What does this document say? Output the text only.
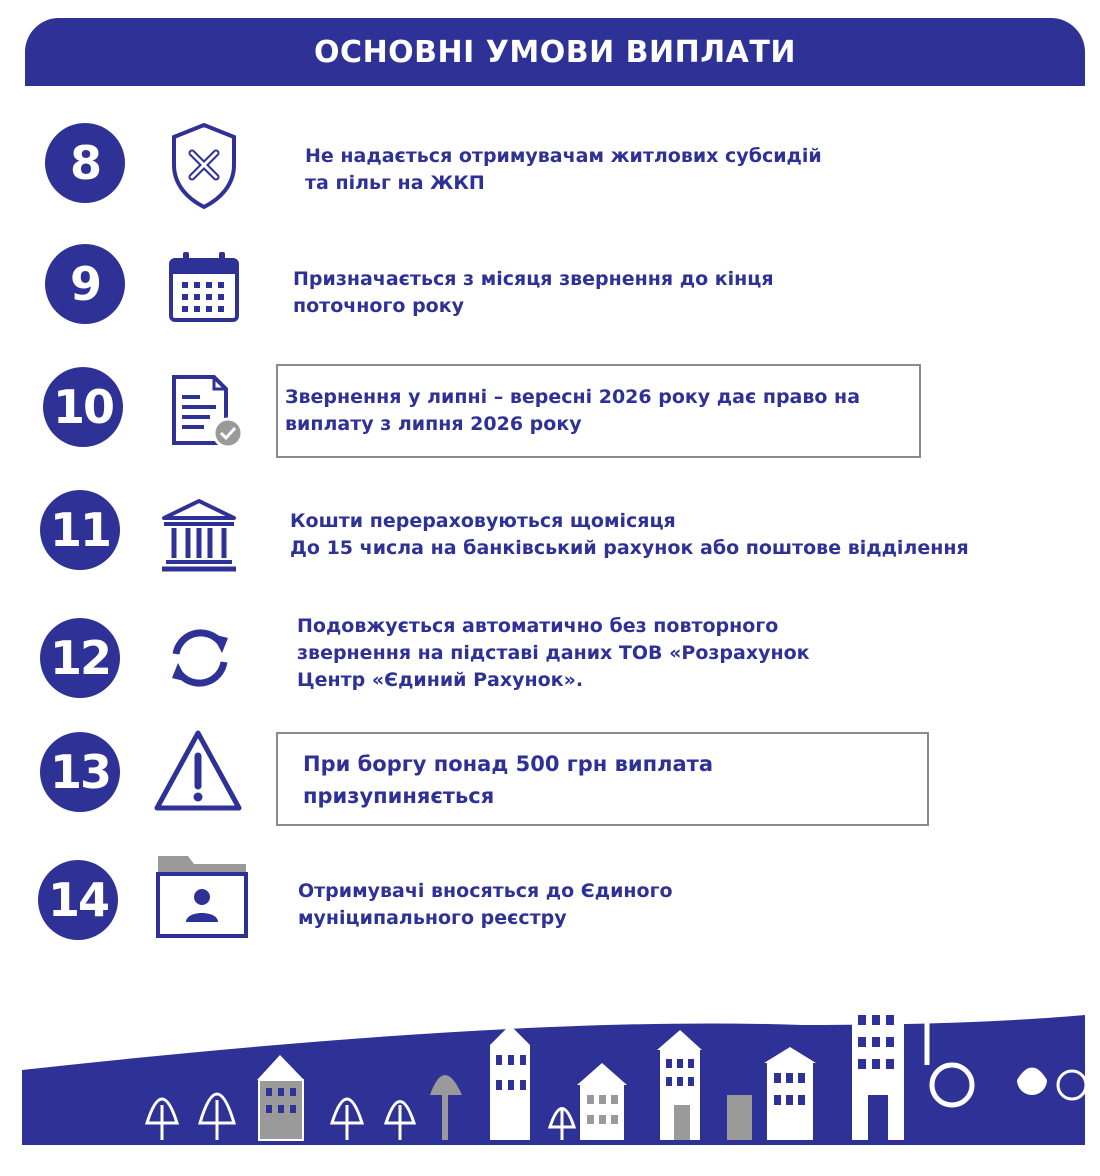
ОСНОВНІ УМОВИ ВИПЛАТИ
8	Не надається отримувачам житлових субсидій
та пільг на ЖКП
9	Призначається з місяця звернення до кінця
поточного року
10	Звернення у липні – вересні 2026 року дає право на
виплату з липня 2026 року
11	Кошти перераховуються щомісяця
До 15 числа на банківський рахунок або поштове відділення
12
Подовжується автоматично без повторного
звернення на підставі даних ТОВ «Розрахунок
Центр «Єдиний Рахунок».
13	При боргу понад 500 грн виплата
призупиняється
14	Отримувачі вносяться до Єдиного
муніципального реєстру
